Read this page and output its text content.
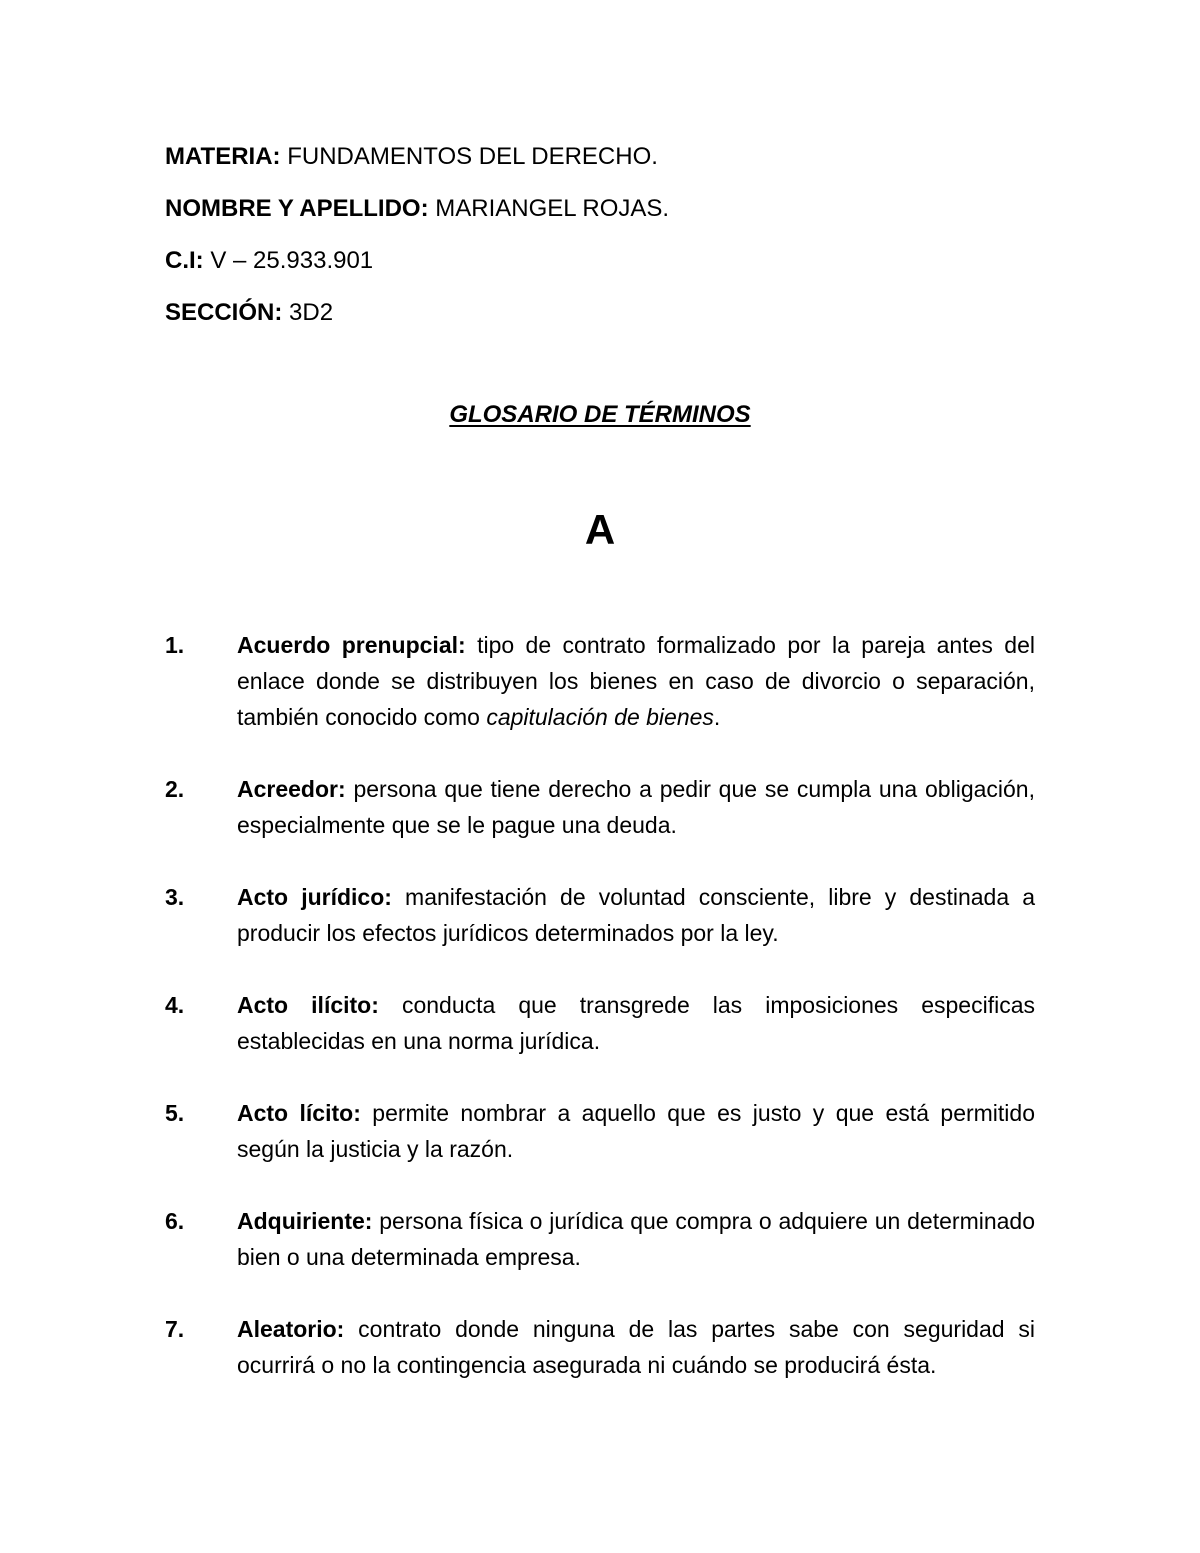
MATERIA: FUNDAMENTOS DEL DERECHO.
NOMBRE Y APELLIDO: MARIANGEL ROJAS.
C.I: V – 25.933.901
SECCIÓN: 3D2
GLOSARIO DE TÉRMINOS
A
1. Acuerdo prenupcial: tipo de contrato formalizado por la pareja antes del enlace donde se distribuyen los bienes en caso de divorcio o separación, también conocido como capitulación de bienes.
2. Acreedor: persona que tiene derecho a pedir que se cumpla una obligación, especialmente que se le pague una deuda.
3. Acto jurídico: manifestación de voluntad consciente, libre y destinada a producir los efectos jurídicos determinados por la ley.
4. Acto ilícito: conducta que transgrede las imposiciones especificas establecidas en una norma jurídica.
5. Acto lícito: permite nombrar a aquello que es justo y que está permitido según la justicia y la razón.
6. Adquiriente: persona física o jurídica que compra o adquiere un determinado bien o una determinada empresa.
7. Aleatorio: contrato donde ninguna de las partes sabe con seguridad si ocurrirá o no la contingencia asegurada ni cuándo se producirá ésta.
